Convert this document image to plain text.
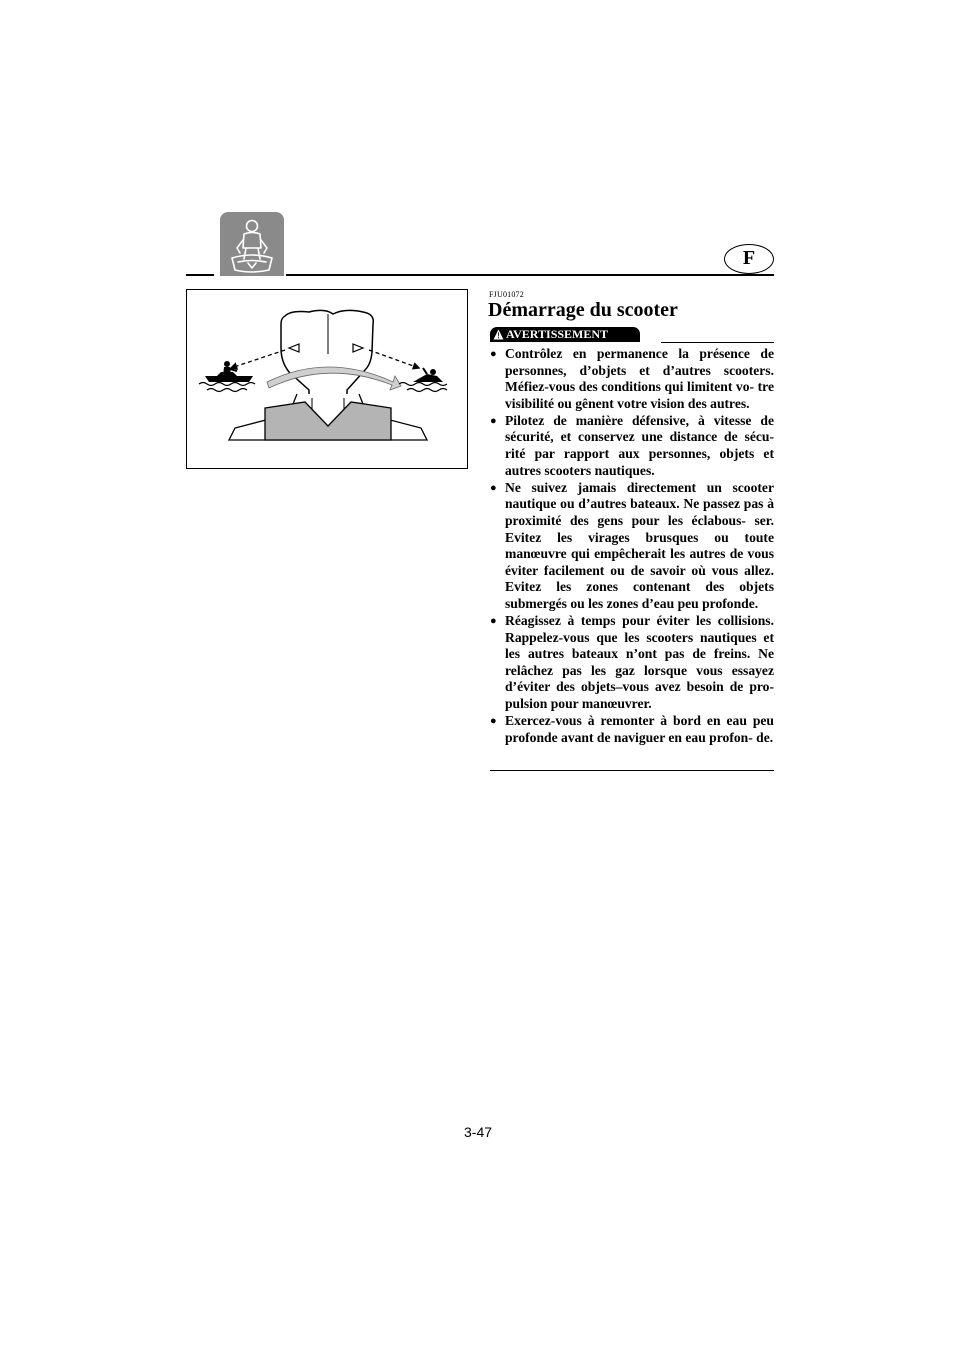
F
FJU01072
Démarrage du scooter
AVERTISSEMENT
● Contrôlez en permanence la présence de personnes, d’objets et d’autres scooters. Méfiez-vous des conditions qui limitent vo- tre visibilité ou gênent votre vision des autres.
● Pilotez de manière défensive, à vitesse de sécurité, et conservez une distance de sécu- rité par rapport aux personnes, objets et autres scooters nautiques.
● Ne suivez jamais directement un scooter nautique ou d’autres bateaux. Ne passez pas à proximité des gens pour les éclabous- ser. Evitez les virages brusques ou toute manœuvre qui empêcherait les autres de vous éviter facilement ou de savoir où vous allez. Evitez les zones contenant des objets submergés ou les zones d’eau peu profonde.
● Réagissez à temps pour éviter les collisions. Rappelez-vous que les scooters nautiques et les autres bateaux n’ont pas de freins. Ne relâchez pas les gaz lorsque vous essayez d’éviter des objets–vous avez besoin de pro- pulsion pour manœuvrer.
● Exercez-vous à remonter à bord en eau peu profonde avant de naviguer en eau profon- de.
3-47
